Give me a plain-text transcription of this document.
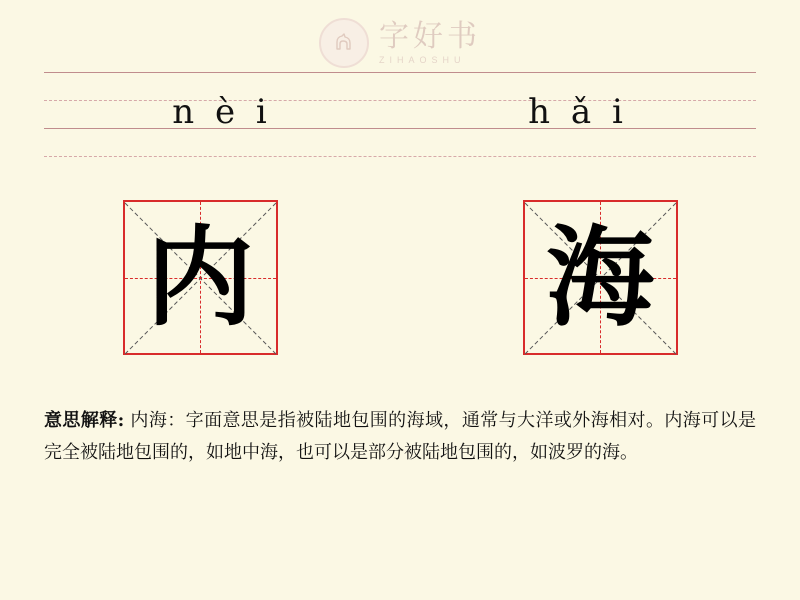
字好书
ZIHAOSHU
n è i	h ǎ i
内	海
意思解释: 内海：字面意思是指被陆地包围的海域，通常与大洋或外海相对。内海可以是完全被陆地包围的，如地中海，也可以是部分被陆地包围的，如波罗的海。
